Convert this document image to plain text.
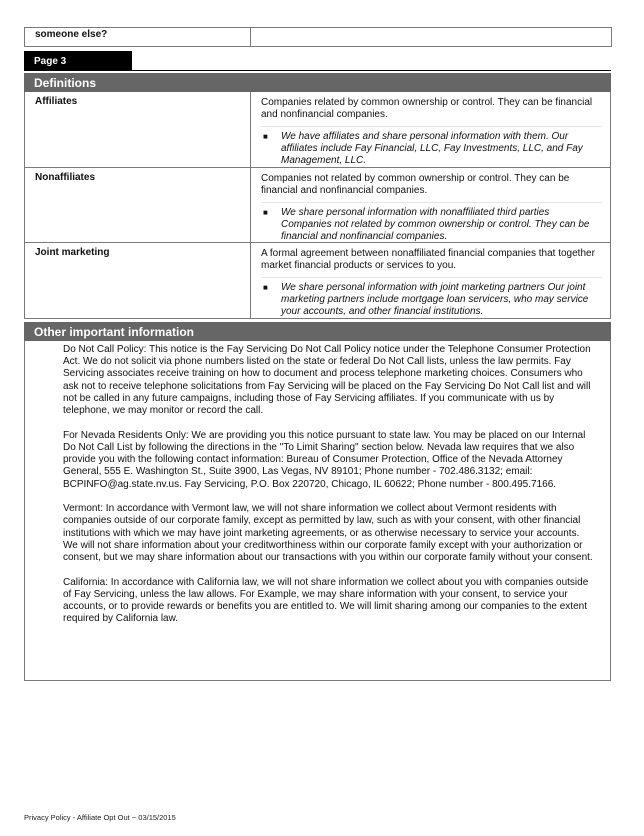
someone else?
Page 3
Definitions
Affiliates	Companies related by common ownership or control. They can be financial and nonfinancial companies.
■	We have affiliates and share personal information with them. Our affiliates include Fay Financial, LLC, Fay Investments, LLC, and Fay Management, LLC.
Nonaffiliates	Companies not related by common ownership or control. They can be financial and nonfinancial companies.
■	We share personal information with nonaffiliated third parties Companies not related by common ownership or control. They can be financial and nonfinancial companies.
Joint marketing	A formal agreement between nonaffiliated financial companies that together market financial products or services to you.
■	We share personal information with joint marketing partners Our joint marketing partners include mortgage loan servicers, who may service your accounts, and other financial institutions.
Other important information

Do Not Call Policy: This notice is the Fay Servicing Do Not Call Policy notice under the Telephone Consumer Protection Act. We do not solicit via phone numbers listed on the state or federal Do Not Call lists, unless the law permits. Fay Servicing associates receive training on how to document and process telephone marketing choices. Consumers who ask not to receive telephone solicitations from Fay Servicing will be placed on the Fay Servicing Do Not Call list and will not be called in any future campaigns, including those of Fay Servicing affiliates. If you communicate with us by telephone, we may monitor or record the call.

For Nevada Residents Only: We are providing you this notice pursuant to state law. You may be placed on our Internal Do Not Call List by following the directions in the "To Limit Sharing" section below. Nevada law requires that we also provide you with the following contact information: Bureau of Consumer Protection, Office of the Nevada Attorney General, 555 E. Washington St., Suite 3900, Las Vegas, NV 89101; Phone number - 702.486.3132; email: BCPINFO@ag.state.nv.us. Fay Servicing, P.O. Box 220720, Chicago, IL 60622; Phone number - 800.495.7166.

Vermont: In accordance with Vermont law, we will not share information we collect about Vermont residents with companies outside of our corporate family, except as permitted by law, such as with your consent, with other financial institutions with which we may have joint marketing agreements, or as otherwise necessary to service your accounts. We will not share information about your creditworthiness within our corporate family except with your authorization or consent, but we may share information about our transactions with you within our corporate family without your consent.

California: In accordance with California law, we will not share information we collect about you with companies outside of Fay Servicing, unless the law allows. For Example, we may share information with your consent, to service your accounts, or to provide rewards or benefits you are entitled to. We will limit sharing among our companies to the extent required by California law.

Privacy Policy - Affiliate Opt Out ~ 03/15/2015
